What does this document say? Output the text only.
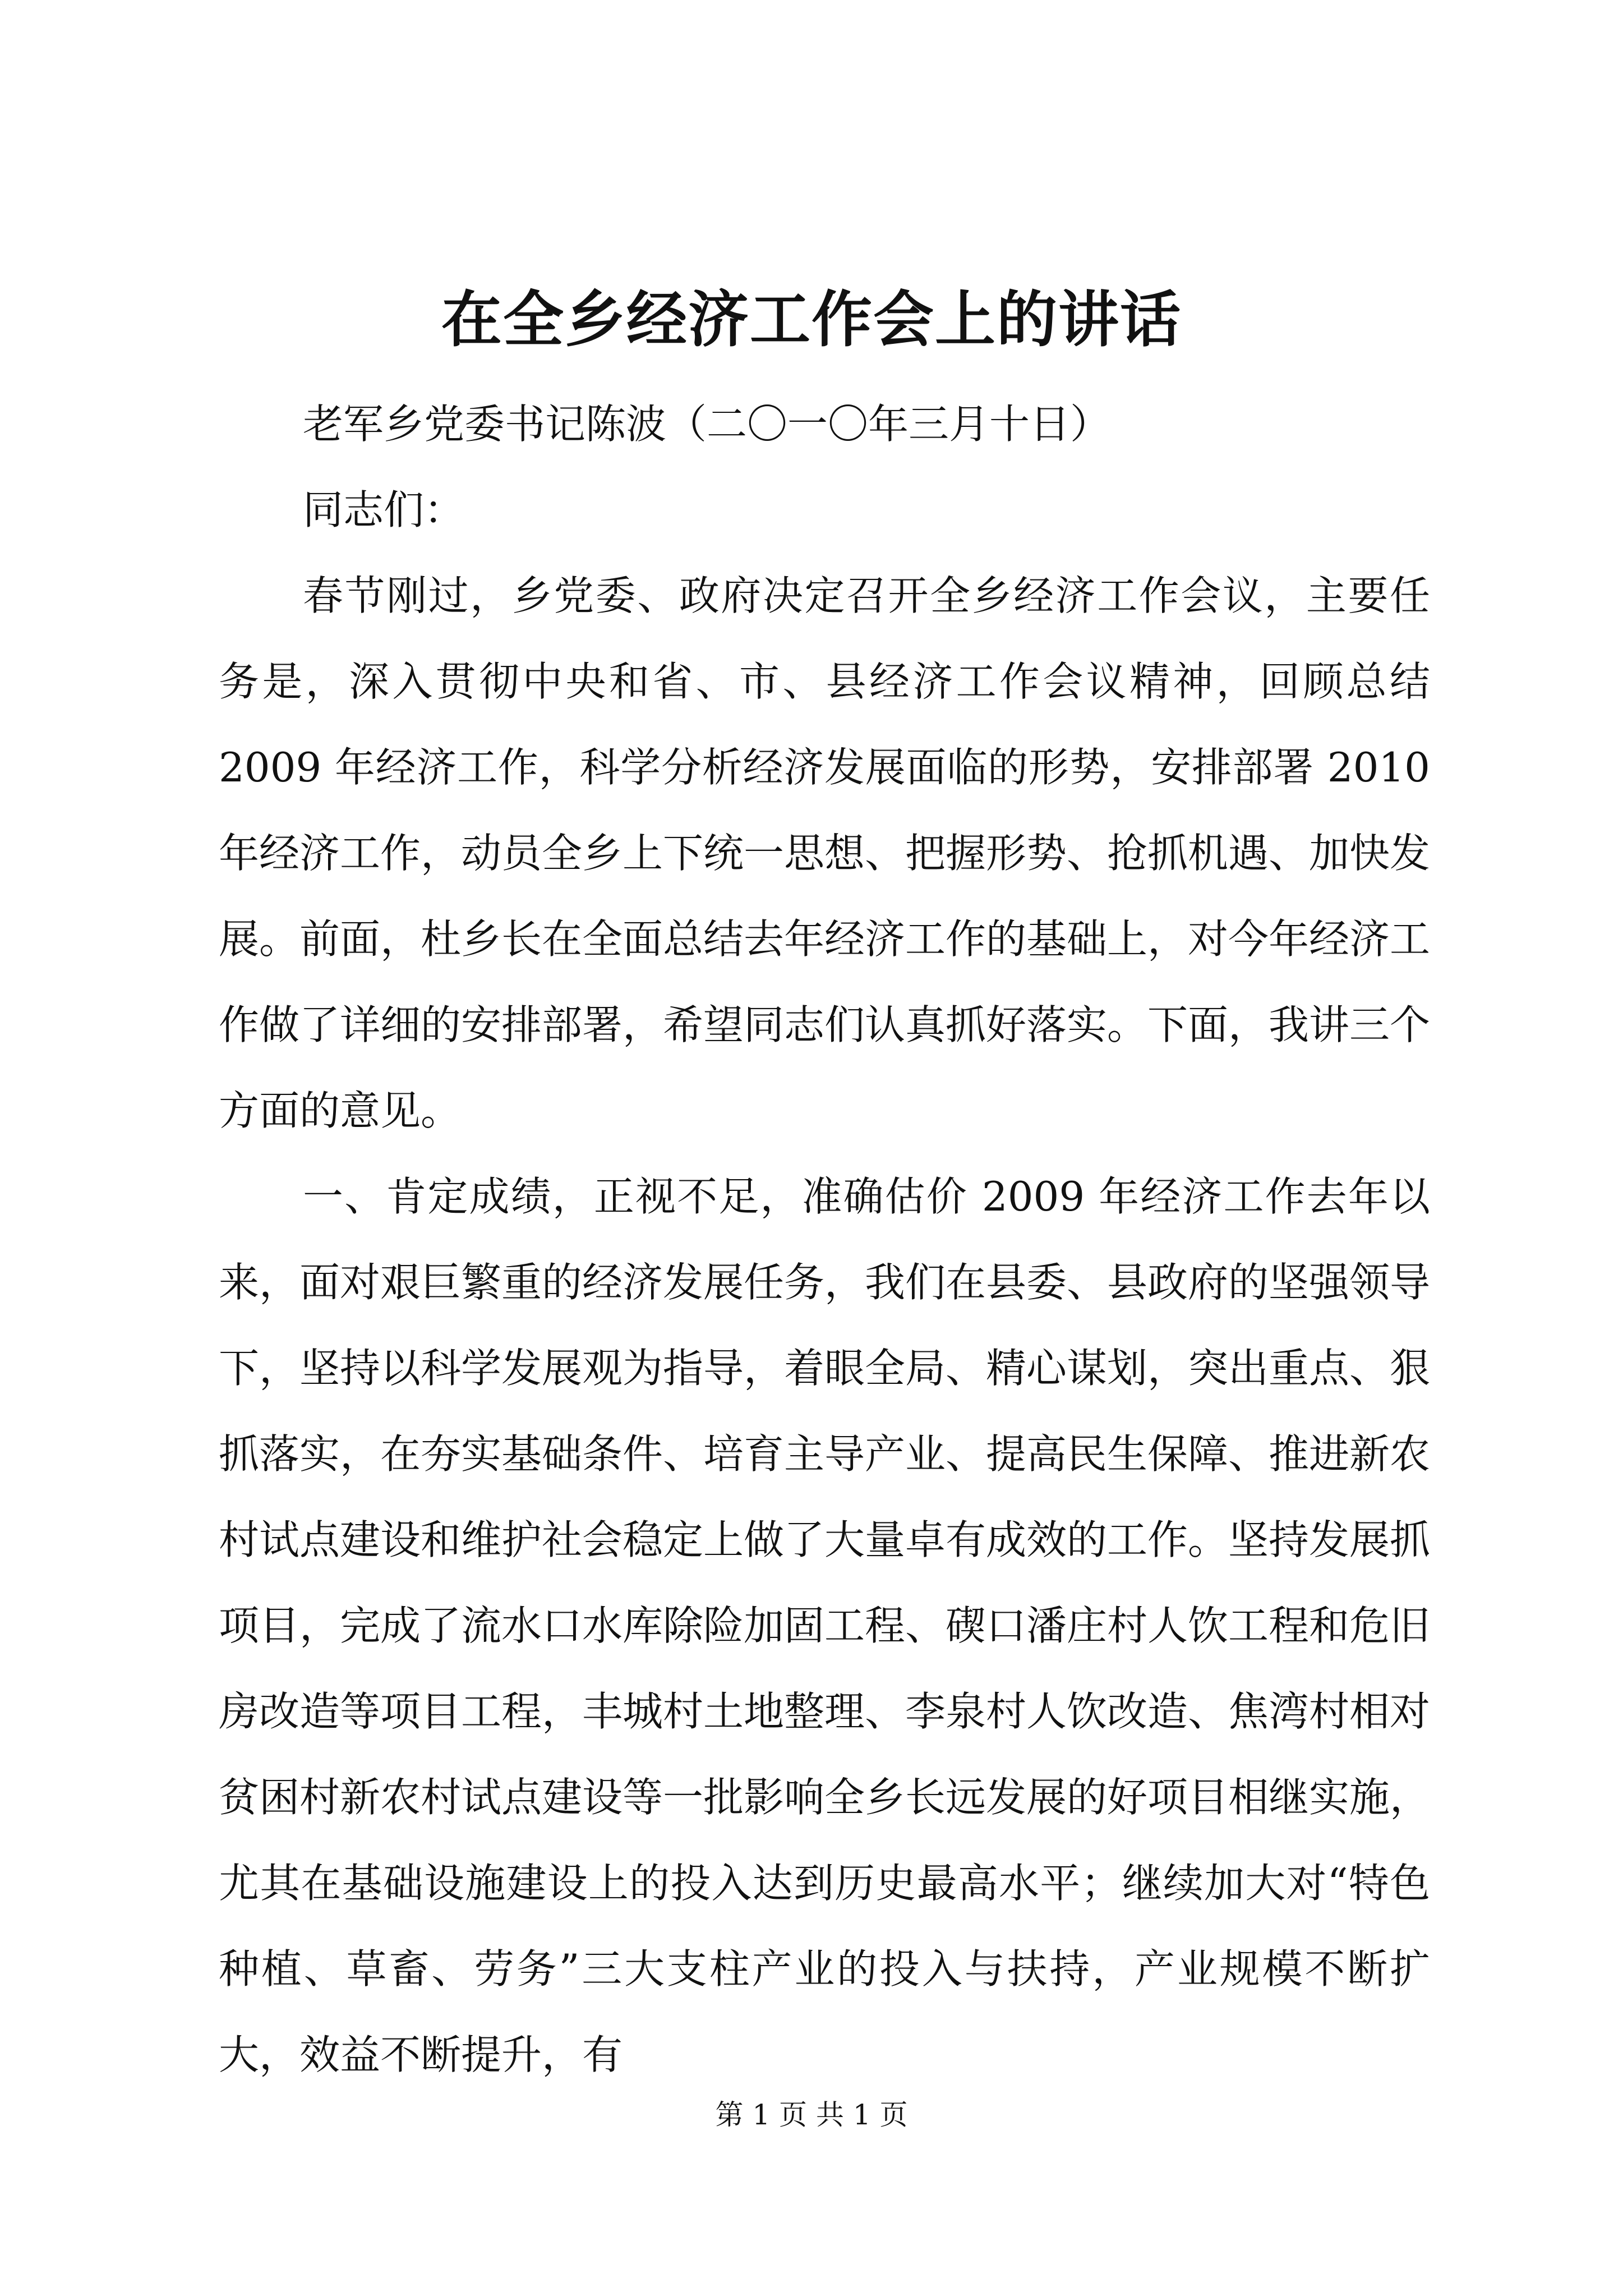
在全乡经济工作会上的讲话

老军乡党委书记陈波（二〇一〇年三月十日）

同志们：

春节刚过，乡党委、政府决定召开全乡经济工作会议，主要任务是，深入贯彻中央和省、市、县经济工作会议精神，回顾总结 2009 年经济工作，科学分析经济发展面临的形势，安排部署 2010 年经济工作，动员全乡上下统一思想、把握形势、抢抓机遇、加快发展。前面，杜乡长在全面总结去年经济工作的基础上，对今年经济工作做了详细的安排部署，希望同志们认真抓好落实。下面，我讲三个方面的意见。

一、肯定成绩，正视不足，准确估价 2009 年经济工作去年以来，面对艰巨繁重的经济发展任务，我们在县委、县政府的坚强领导下，坚持以科学发展观为指导，着眼全局、精心谋划，突出重点、狠抓落实，在夯实基础条件、培育主导产业、提高民生保障、推进新农村试点建设和维护社会稳定上做了大量卓有成效的工作。坚持发展抓项目，完成了流水口水库除险加固工程、碶口潘庄村人饮工程和危旧房改造等项目工程，丰城村土地整理、李泉村人饮改造、焦湾村相对贫困村新农村试点建设等一批影响全乡长远发展的好项目相继实施，尤其在基础设施建设上的投入达到历史最高水平；继续加大对“特色种植、草畜、劳务”三大支柱产业的投入与扶持，产业规模不断扩大，效益不断提升，有

第 1 页 共 1 页
